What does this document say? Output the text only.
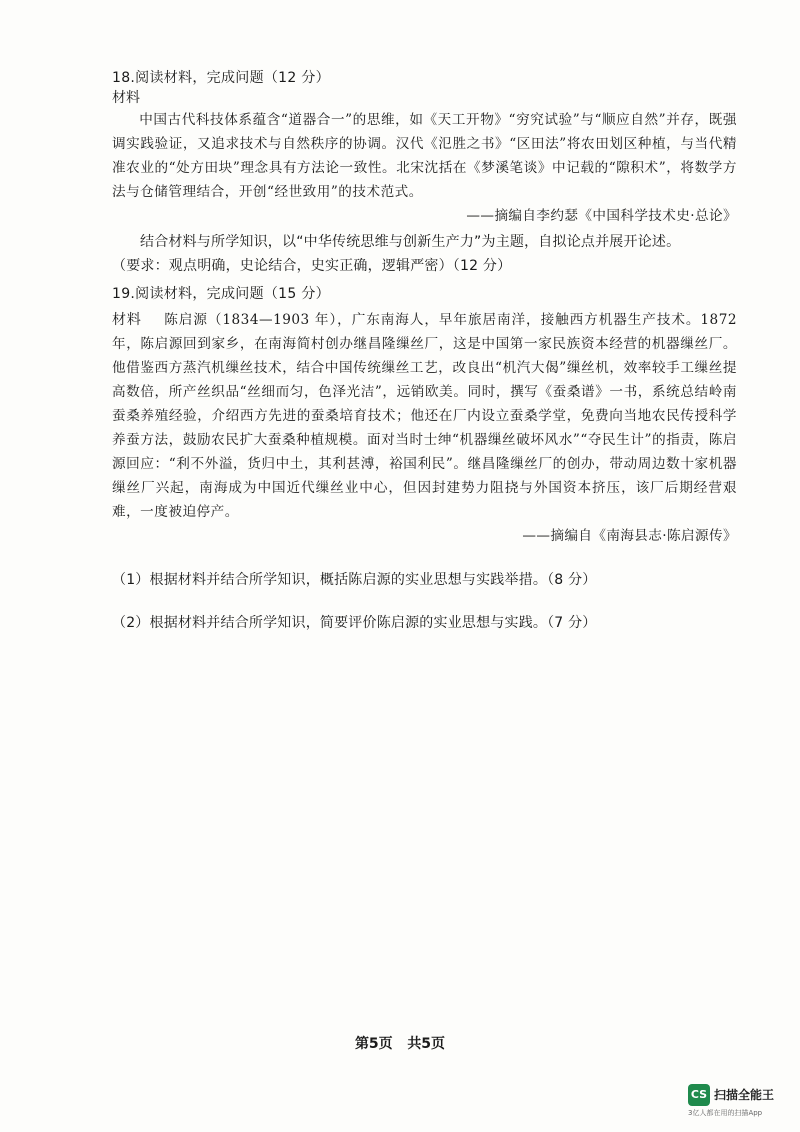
18.阅读材料，完成问题（12 分）
材料
中国古代科技体系蕴含“道器合一”的思维，如《天工开物》“穷究试验”与“顺应自然”并存，既强调实践验证，又追求技术与自然秩序的协调。汉代《氾胜之书》“区田法”将农田划区种植，与当代精准农业的“处方田块”理念具有方法论一致性。北宋沈括在《梦溪笔谈》中记载的“隙积术”，将数学方法与仓储管理结合，开创“经世致用”的技术范式。
——摘编自李约瑟《中国科学技术史·总论》
结合材料与所学知识，以“中华传统思维与创新生产力”为主题，自拟论点并展开论述。
（要求：观点明确，史论结合，史实正确，逻辑严密）（12 分）
19.阅读材料，完成问题（15 分）
材料 陈启源（1834—1903 年），广东南海人，早年旅居南洋，接触西方机器生产技术。1872 年，陈启源回到家乡，在南海简村创办继昌隆缫丝厂，这是中国第一家民族资本经营的机器缫丝厂。他借鉴西方蒸汽机缫丝技术，结合中国传统缫丝工艺，改良出“机汽大偈”缫丝机，效率较手工缫丝提高数倍，所产丝织品“丝细而匀，色泽光洁”，远销欧美。同时，撰写《蚕桑谱》一书，系统总结岭南蚕桑养殖经验，介绍西方先进的蚕桑培育技术；他还在厂内设立蚕桑学堂，免费向当地农民传授科学养蚕方法，鼓励农民扩大蚕桑种植规模。面对当时士绅“机器缫丝破坏风水”“夺民生计”的指责，陈启源回应：“利不外溢，货归中土，其利甚溥，裕国利民”。继昌隆缫丝厂的创办，带动周边数十家机器缫丝厂兴起，南海成为中国近代缫丝业中心，但因封建势力阻挠与外国资本挤压，该厂后期经营艰难，一度被迫停产。
——摘编自《南海县志·陈启源传》
（1）根据材料并结合所学知识，概括陈启源的实业思想与实践举措。（8 分）
（2）根据材料并结合所学知识，简要评价陈启源的实业思想与实践。（7 分）
第5页 共5页
CS 扫描全能王
3亿人都在用的扫描App
